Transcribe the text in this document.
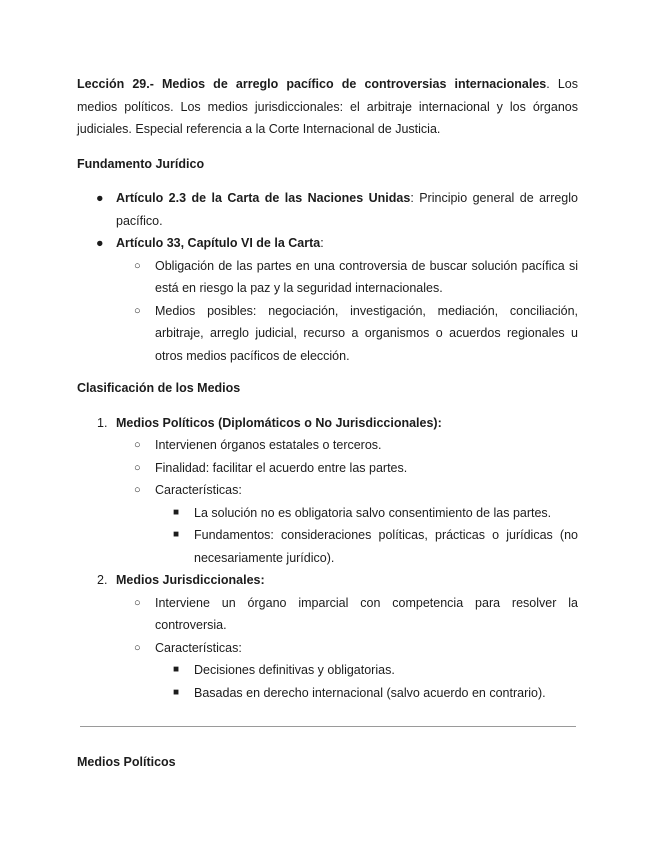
Lección 29.- Medios de arreglo pacífico de controversias internacionales. Los medios políticos. Los medios jurisdiccionales: el arbitraje internacional y los órganos judiciales. Especial referencia a la Corte Internacional de Justicia.

Fundamento Jurídico

● Artículo 2.3 de la Carta de las Naciones Unidas: Principio general de arreglo pacífico.

● Artículo 33, Capítulo VI de la Carta:

○ Obligación de las partes en una controversia de buscar solución pacífica si está en riesgo la paz y la seguridad internacionales.

○ Medios posibles: negociación, investigación, mediación, conciliación, arbitraje, arreglo judicial, recurso a organismos o acuerdos regionales u otros medios pacíficos de elección.

Clasificación de los Medios

1. Medios Políticos (Diplomáticos o No Jurisdiccionales):

○ Intervienen órganos estatales o terceros.

○ Finalidad: facilitar el acuerdo entre las partes.

○ Características:

■ La solución no es obligatoria salvo consentimiento de las partes.

■ Fundamentos: consideraciones políticas, prácticas o jurídicas (no necesariamente jurídico).

2. Medios Jurisdiccionales:

○ Interviene un órgano imparcial con competencia para resolver la controversia.

○ Características:

■ Decisiones definitivas y obligatorias.

■ Basadas en derecho internacional (salvo acuerdo en contrario).

Medios Políticos
